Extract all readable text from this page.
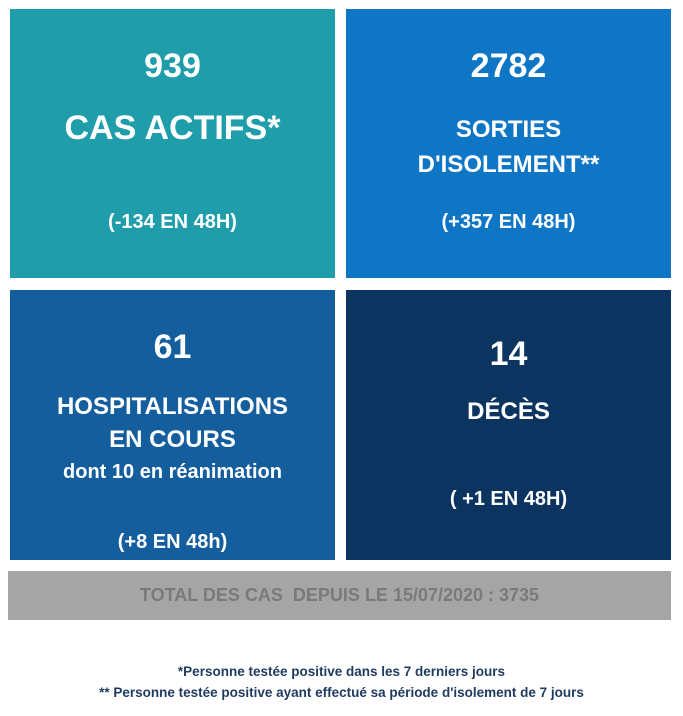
939
CAS ACTIFS*
(-134 EN 48H)
2782
SORTIES
D'ISOLEMENT**
(+357 EN 48H)
61
HOSPITALISATIONS
EN COURS
dont 10 en réanimation
(+8 EN 48h)
14
DÉCÈS
( +1 EN 48H)
TOTAL DES CAS  DEPUIS LE 15/07/2020 : 3735
*Personne testée positive dans les 7 derniers jours
** Personne testée positive ayant effectué sa période d'isolement de 7 jours
